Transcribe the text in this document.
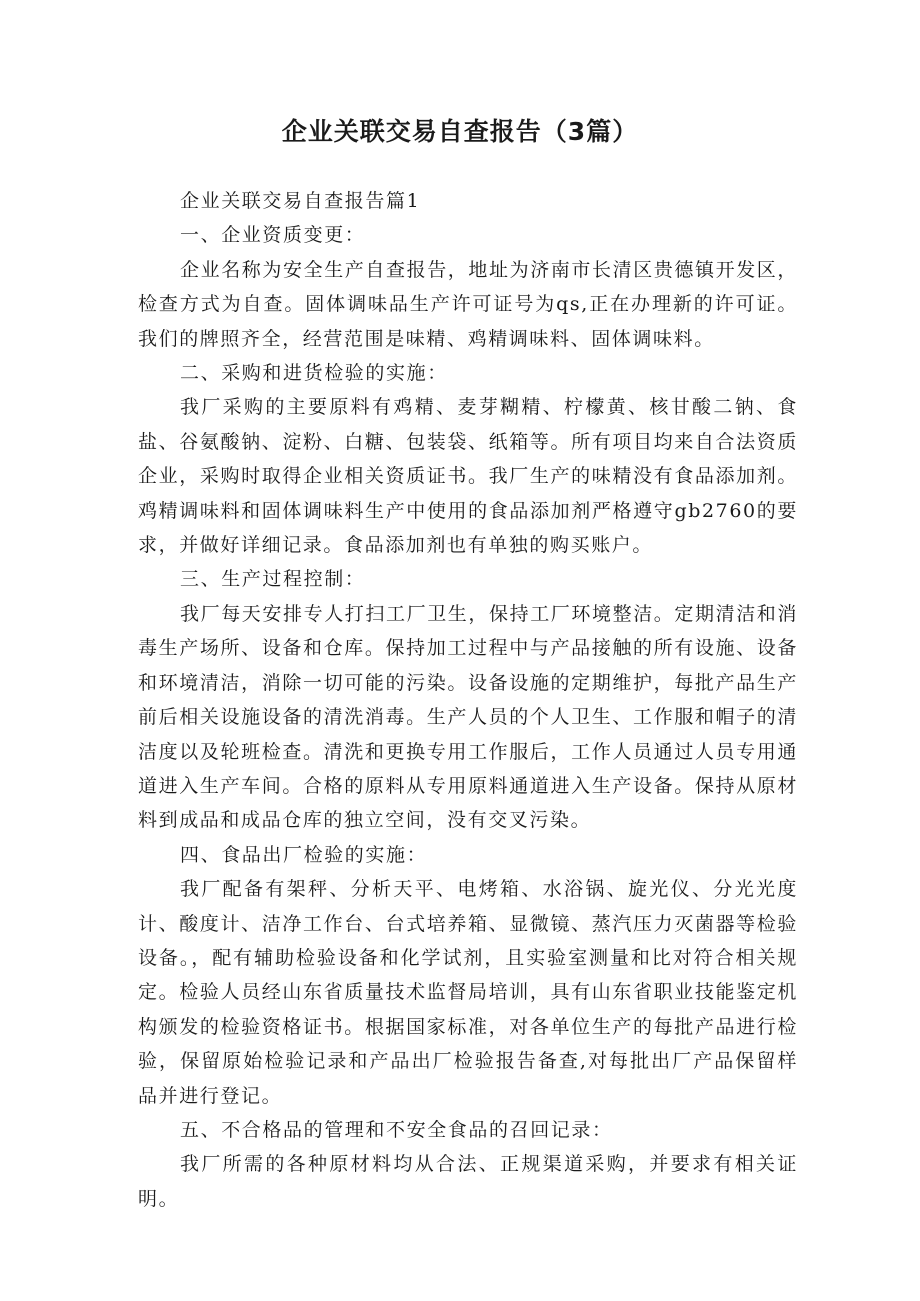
企业关联交易自查报告（3篇）

企业关联交易自查报告篇1

一、企业资质变更：

企业名称为安全生产自查报告，地址为济南市长清区贵德镇开发区，检查方式为自查。固体调味品生产许可证号为qs,正在办理新的许可证。我们的牌照齐全，经营范围是味精、鸡精调味料、固体调味料。

二、采购和进货检验的实施：

我厂采购的主要原料有鸡精、麦芽糊精、柠檬黄、核甘酸二钠、食盐、谷氨酸钠、淀粉、白糖、包装袋、纸箱等。所有项目均来自合法资质企业，采购时取得企业相关资质证书。我厂生产的味精没有食品添加剂。鸡精调味料和固体调味料生产中使用的食品添加剂严格遵守gb2760的要求，并做好详细记录。食品添加剂也有单独的购买账户。

三、生产过程控制：

我厂每天安排专人打扫工厂卫生，保持工厂环境整洁。定期清洁和消毒生产场所、设备和仓库。保持加工过程中与产品接触的所有设施、设备和环境清洁，消除一切可能的污染。设备设施的定期维护，每批产品生产前后相关设施设备的清洗消毒。生产人员的个人卫生、工作服和帽子的清洁度以及轮班检查。清洗和更换专用工作服后，工作人员通过人员专用通道进入生产车间。合格的原料从专用原料通道进入生产设备。保持从原材料到成品和成品仓库的独立空间，没有交叉污染。

四、食品出厂检验的实施：

我厂配备有架秤、分析天平、电烤箱、水浴锅、旋光仪、分光光度计、酸度计、洁净工作台、台式培养箱、显微镜、蒸汽压力灭菌器等检验设备。，配有辅助检验设备和化学试剂，且实验室测量和比对符合相关规定。检验人员经山东省质量技术监督局培训，具有山东省职业技能鉴定机构颁发的检验资格证书。根据国家标准，对各单位生产的每批产品进行检验，保留原始检验记录和产品出厂检验报告备查,对每批出厂产品保留样品并进行登记。

五、不合格品的管理和不安全食品的召回记录：

我厂所需的各种原材料均从合法、正规渠道采购，并要求有相关证明。
